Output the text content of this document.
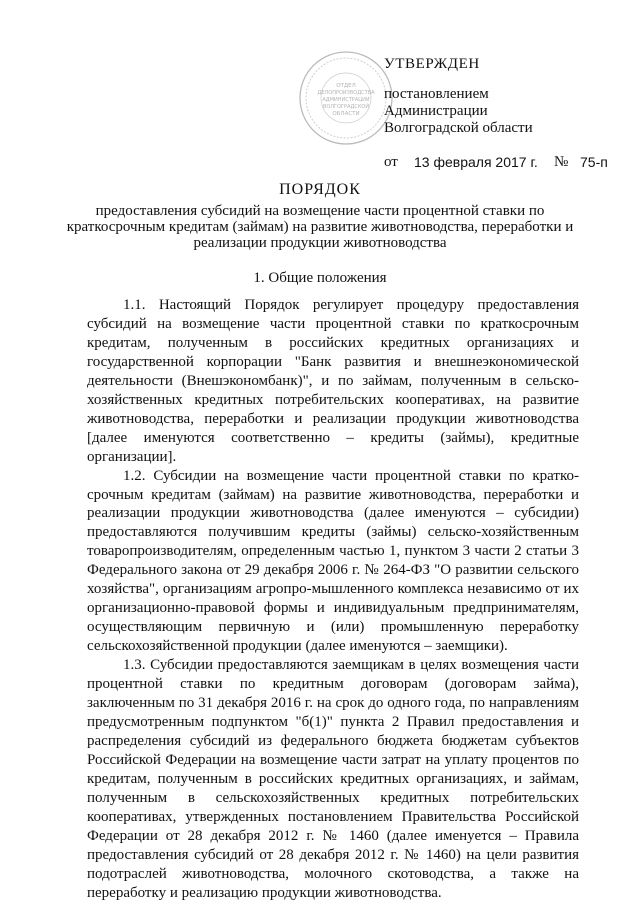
ОТДЕЛ
ДЕЛОПРОИЗВОДСТВА
АДМИНИСТРАЦИИ
ВОЛГОГРАДСКОЙ
ОБЛАСТИ
УТВЕРЖДЕН
постановлением
Администрации
Волгоградской области
от 13 февраля 2017 г. № 75-п
ПОРЯДОК
предоставления субсидий на возмещение части процентной ставки по краткосрочным кредитам (займам) на развитие животноводства, переработки и реализации продукции животноводства
1. Общие положения

1.1. Настоящий Порядок регулирует процедуру предоставления субсидий на возмещение части процентной ставки по краткосрочным кредитам, полученным в российских кредитных организациях и государственной корпорации "Банк развития и внешнеэкономической деятельности (Внешэкономбанк)", и по займам, полученным в сельско-хозяйственных кредитных потребительских кооперативах, на развитие животноводства, переработки и реализации продукции животноводства [далее именуются соответственно – кредиты (займы), кредитные организации].

1.2. Субсидии на возмещение части процентной ставки по кратко-срочным кредитам (займам) на развитие животноводства, переработки и реализации продукции животноводства (далее именуются – субсидии) предоставляются получившим кредиты (займы) сельско-хозяйственным товаропроизводителям, определенным частью 1, пунктом 3 части 2 статьи 3 Федерального закона от 29 декабря 2006 г. № 264-ФЗ "О развитии сельского хозяйства", организациям агропро-мышленного комплекса независимо от их организационно-правовой формы и индивидуальным предпринимателям, осуществляющим первичную и (или) промышленную переработку сельскохозяйственной продукции (далее именуются – заемщики).

1.3. Субсидии предоставляются заемщикам в целях возмещения части процентной ставки по кредитным договорам (договорам займа), заключенным по 31 декабря 2016 г. на срок до одного года, по направлениям предусмотренным подпунктом "б(1)" пункта 2 Правил предоставления и распределения субсидий из федерального бюджета бюджетам субъектов Российской Федерации на возмещение части затрат на уплату процентов по кредитам, полученным в российских кредитных организациях, и займам, полученным в сельскохозяйственных кредитных потребительских кооперативах, утвержденных постановлением Правительства Российской Федерации от 28 декабря 2012 г. № 1460 (далее именуется – Правила предоставления субсидий от 28 декабря 2012 г. № 1460) на цели развития подотраслей животноводства, молочного скотоводства, а также на переработку и реализацию продукции животноводства.
